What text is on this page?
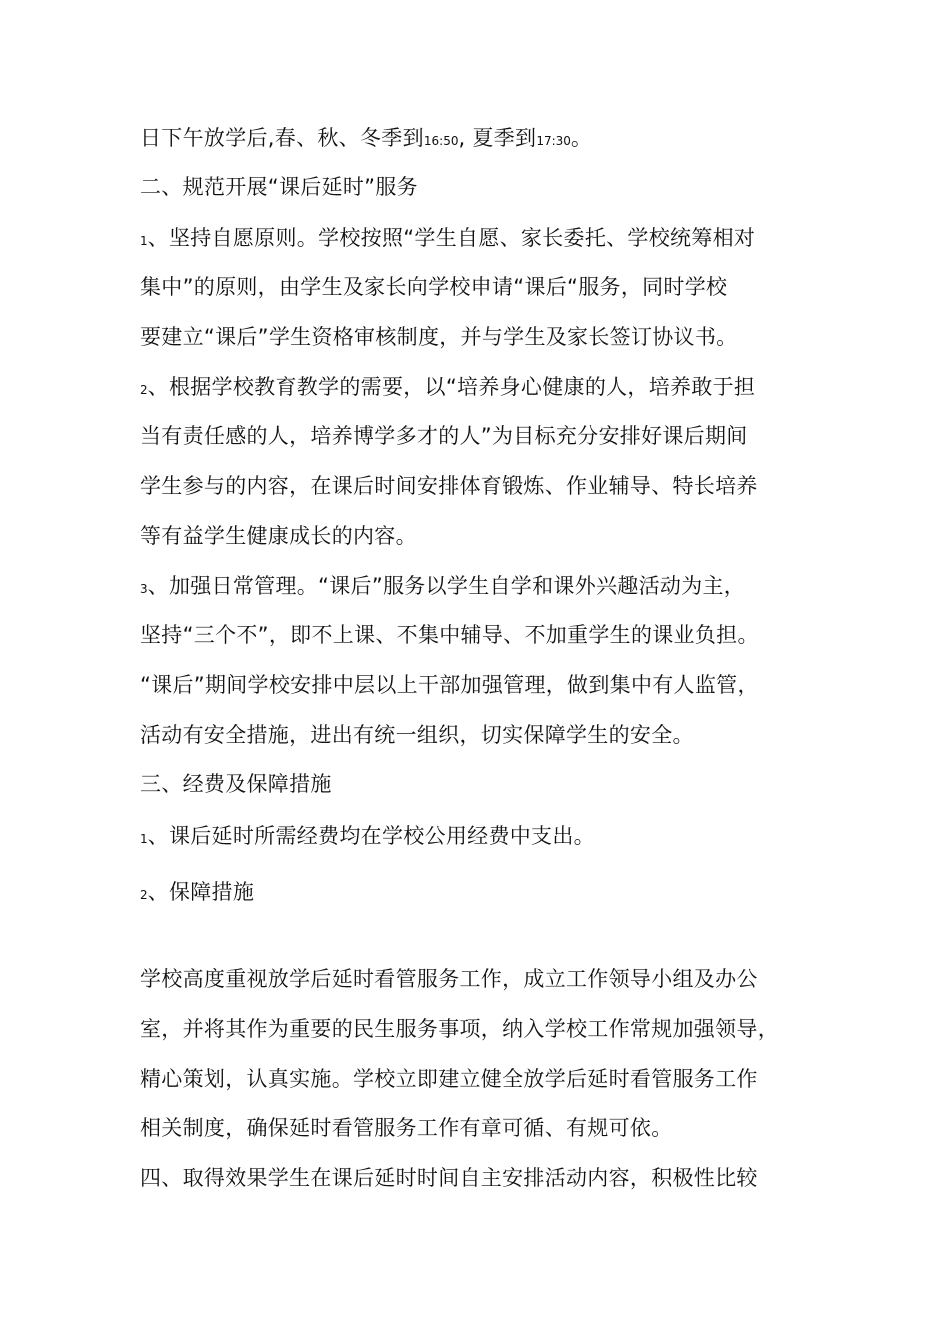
日下午放学后,春、秋、冬季到16:50, 夏季到17:30。
二、规范开展“课后延时”服务
1、坚持自愿原则。学校按照“学生自愿、家长委托、学校统筹相对
集中”的原则，由学生及家长向学校申请“课后“服务，同时学校
要建立“课后”学生资格审核制度，并与学生及家长签订协议书。
2、根据学校教育教学的需要，以“培养身心健康的人，培养敢于担
当有责任感的人，培养博学多才的人”为目标充分安排好课后期间
学生参与的内容，在课后时间安排体育锻炼、作业辅导、特长培养
等有益学生健康成长的内容。
3、加强日常管理。“课后”服务以学生自学和课外兴趣活动为主，
坚持“三个不”，即不上课、不集中辅导、不加重学生的课业负担。
“课后”期间学校安排中层以上干部加强管理，做到集中有人监管，
活动有安全措施，进出有统一组织，切实保障学生的安全。
三、经费及保障措施
1、课后延时所需经费均在学校公用经费中支出。
2、保障措施
学校高度重视放学后延时看管服务工作，成立工作领导小组及办公
室，并将其作为重要的民生服务事项，纳入学校工作常规加强领导，
精心策划，认真实施。学校立即建立健全放学后延时看管服务工作
相关制度，确保延时看管服务工作有章可循、有规可依。
四、取得效果学生在课后延时时间自主安排活动内容，积极性比较
